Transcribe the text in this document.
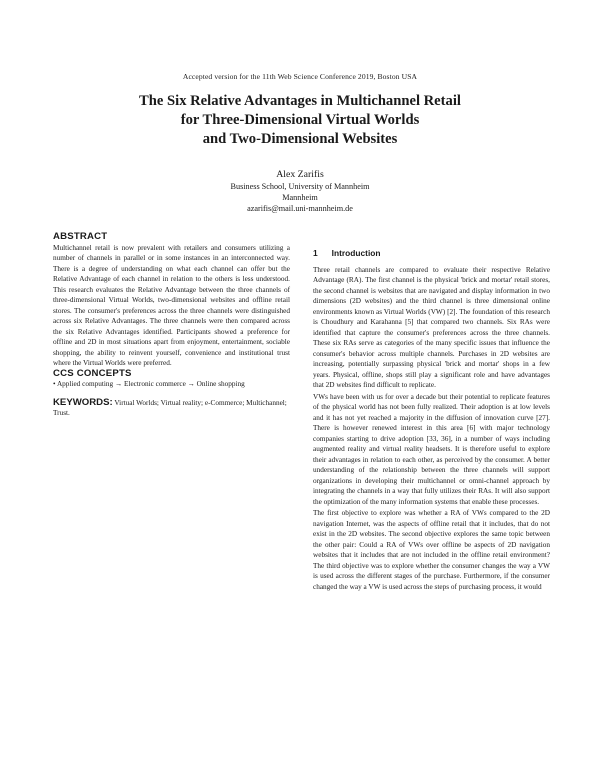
Accepted version for the 11th Web Science Conference 2019, Boston USA
The Six Relative Advantages in Multichannel Retail
for Three-Dimensional Virtual Worlds
and Two-Dimensional Websites
Alex Zarifis
Business School, University of Mannheim
Mannheim
azarifis@mail.uni-mannheim.de
ABSTRACT

Multichannel retail is now prevalent with retailers and consumers utilizing a number of channels in parallel or in some instances in an interconnected way. There is a degree of understanding on what each channel can offer but the Relative Advantage of each channel in relation to the others is less understood. This research evaluates the Relative Advantage between the three channels of three-dimensional Virtual Worlds, two-dimensional websites and offline retail stores. The consumer's preferences across the three channels were distinguished across six Relative Advantages. The three channels were then compared across the six Relative Advantages identified. Participants showed a preference for offline and 2D in most situations apart from enjoyment, entertainment, sociable shopping, the ability to reinvent yourself, convenience and institutional trust where the Virtual Worlds were preferred.

CCS CONCEPTS

• Applied computing → Electronic commerce → Online shopping

KEYWORDS: Virtual Worlds; Virtual reality; e-Commerce; Multichannel; Trust.

1 Introduction

Three retail channels are compared to evaluate their respective Relative Advantage (RA). The first channel is the physical 'brick and mortar' retail stores, the second channel is websites that are navigated and display information in two dimensions (2D websites) and the third channel is three dimensional online environments known as Virtual Worlds (VW) [2]. The foundation of this research is Choudhury and Karahanna [5] that compared two channels. Six RAs were identified that capture the consumer's preferences across the three channels. These six RAs serve as categories of the many specific issues that influence the consumer's behavior across multiple channels. Purchases in 2D websites are increasing, potentially surpassing physical 'brick and mortar' shops in a few years. Physical, offline, shops still play a significant role and have advantages that 2D websites find difficult to replicate.

VWs have been with us for over a decade but their potential to replicate features of the physical world has not been fully realized. Their adoption is at low levels and it has not yet reached a majority in the diffusion of innovation curve [27]. There is however renewed interest in this area [6] with major technology companies starting to drive adoption [33, 36], in a number of ways including augmented reality and virtual reality headsets. It is therefore useful to explore their advantages in relation to each other, as perceived by the consumer. A better understanding of the relationship between the three channels will support organizations in developing their multichannel or omni-channel approach by integrating the channels in a way that fully utilizes their RAs. It will also support the optimization of the many information systems that enable these processes.

The first objective to explore was whether a RA of VWs compared to the 2D navigation Internet, was the aspects of offline retail that it includes, that do not exist in the 2D websites. The second objective explores the same topic between the other pair: Could a RA of VWs over offline be aspects of 2D navigation websites that it includes that are not included in the offline retail environment? The third objective was to explore whether the consumer changes the way a VW is used across the different stages of the purchase. Furthermore, if the consumer changed the way a VW is used across the steps of purchasing process, it would
